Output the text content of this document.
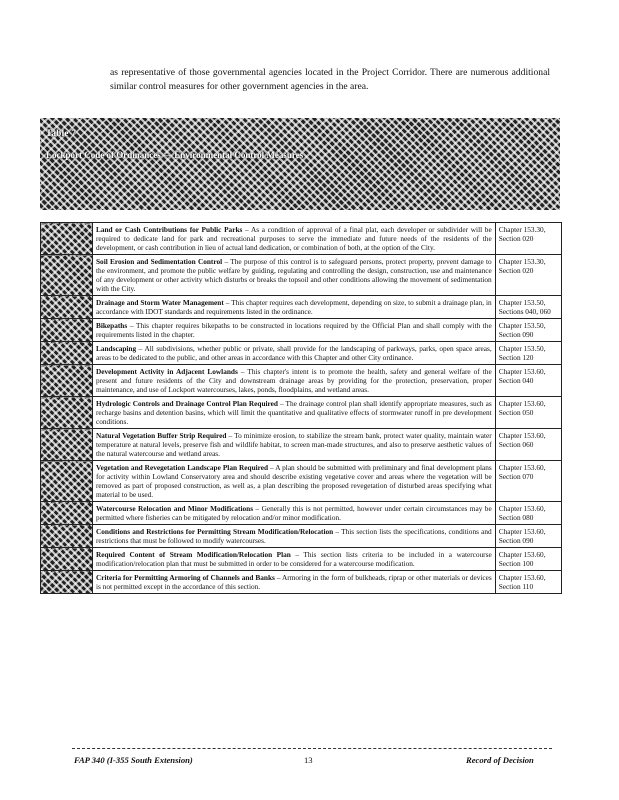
as representative of those governmental agencies located in the Project Corridor. There are numerous additional similar control measures for other government agencies in the area.
Table 7
Lockport Code of Ordinances — Environmental Control Measures
	Land or Cash Contributions for Public Parks – As a condition of approval of a final plat, each developer or subdivider will be required to dedicate land for park and recreational purposes to serve the immediate and future needs of the residents of the development, or cash contribution in lieu of actual land dedication, or combination of both, at the option of the City.	Chapter 153.30, Section 020
	Soil Erosion and Sedimentation Control – The purpose of this control is to safeguard persons, protect property, prevent damage to the environment, and promote the public welfare by guiding, regulating and controlling the design, construction, use and maintenance of any development or other activity which disturbs or breaks the topsoil and other conditions allowing the movement of sedimentation with the City.	Chapter 153.30, Section 020
	Drainage and Storm Water Management – This chapter requires each development, depending on size, to submit a drainage plan, in accordance with IDOT standards and requirements listed in the ordinance.	Chapter 153.50, Sections 040, 060
	Bikepaths – This chapter requires bikepaths to be constructed in locations required by the Official Plan and shall comply with the requirements listed in the chapter.	Chapter 153.50, Section 090
	Landscaping – All subdivisions, whether public or private, shall provide for the landscaping of parkways, parks, open space areas, areas to be dedicated to the public, and other areas in accordance with this Chapter and other City ordinance.	Chapter 153.50, Section 120
	Development Activity in Adjacent Lowlands – This chapter's intent is to promote the health, safety and general welfare of the present and future residents of the City and downstream drainage areas by providing for the protection, preservation, proper maintenance, and use of Lockport watercourses, lakes, ponds, floodplains, and wetland areas.	Chapter 153.60, Section 040
	Hydrologic Controls and Drainage Control Plan Required – The drainage control plan shall identify appropriate measures, such as recharge basins and detention basins, which will limit the quantitative and qualitative effects of stormwater runoff in pre development conditions.	Chapter 153.60, Section 050
	Natural Vegetation Buffer Strip Required – To minimize erosion, to stabilize the stream bank, protect water quality, maintain water temperature at natural levels, preserve fish and wildlife habitat, to screen man-made structures, and also to preserve aesthetic values of the natural watercourse and wetland areas.	Chapter 153.60, Section 060
	Vegetation and Revegetation Landscape Plan Required – A plan should be submitted with preliminary and final development plans for activity within Lowland Conservatory area and should describe existing vegetative cover and areas where the vegetation will be removed as part of proposed construction, as well as, a plan describing the proposed revegetation of disturbed areas specifying what material to be used.	Chapter 153.60, Section 070
	Watercourse Relocation and Minor Modifications – Generally this is not permitted, however under certain circumstances may be permitted where fisheries can be mitigated by relocation and/or minor modification.	Chapter 153.60, Section 080
	Conditions and Restrictions for Permitting Stream Modification/Relocation – This section lists the specifications, conditions and restrictions that must be followed to modify watercourses.	Chapter 153.60, Section 090
	Required Content of Stream Modification/Relocation Plan – This section lists criteria to be included in a watercourse modification/relocation plan that must be submitted in order to be considered for a watercourse modification.	Chapter 153.60, Section 100
	Criteria for Permitting Armoring of Channels and Banks – Armoring in the form of bulkheads, riprap or other materials or devices is not permitted except in the accordance of this section.	Chapter 153.60, Section 110
FAP 340 (I-355 South Extension)	13	Record of Decision
